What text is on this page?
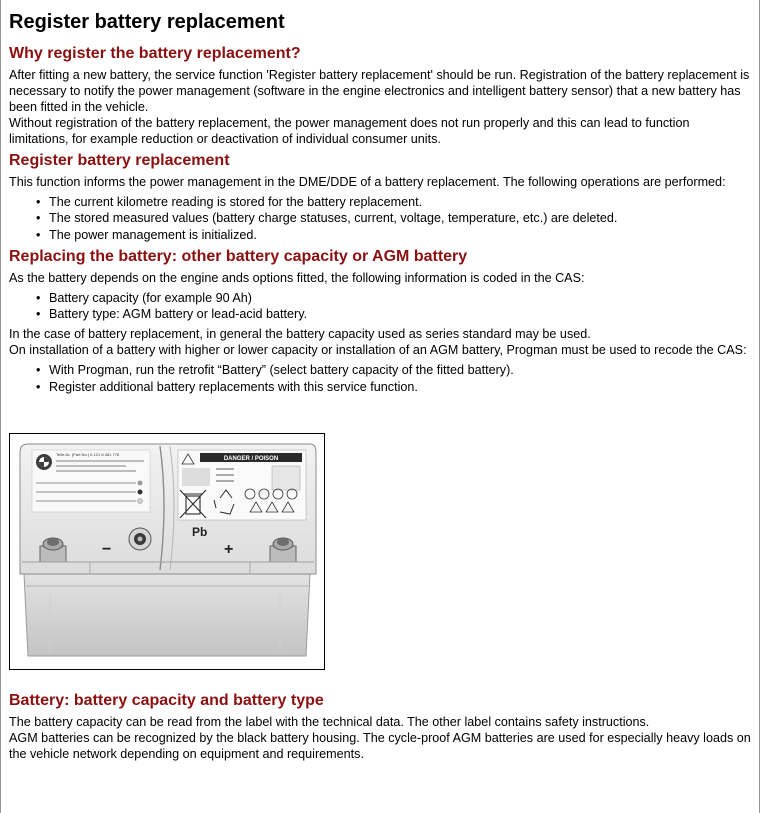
Register battery replacement
Why register the battery replacement?

After fitting a new battery, the service function 'Register battery replacement' should be run. Registration of the battery replacement is necessary to notify the power management (software in the engine electronics and intelligent battery sensor) that a new battery has been fitted in the vehicle.

Without registration of the battery replacement, the power management does not run properly and this can lead to function limitations, for example reduction or deactivation of individual consumer units.

Register battery replacement

This function informs the power management in the DME/DDE of a battery replacement. The following operations are performed:

• The current kilometre reading is stored for the battery replacement.
• The stored measured values (battery charge statuses, current, voltage, temperature, etc.) are deleted.
• The power management is initialized.
Replacing the battery: other battery capacity or AGM battery

As the battery depends on the engine ands options fitted, the following information is coded in the CAS:

• Battery capacity (for example 90 Ah)
• Battery type: AGM battery or lead-acid battery.

In the case of battery replacement, in general the battery capacity used as series standard may be used.

On installation of a battery with higher or lower capacity or installation of an AGM battery, Progman must be used to recode the CAS:

• With Progman, run the retrofit “Battery” (select battery capacity of the fitted battery).
• Register additional battery replacements with this service function.
Teile-Nr. (Part No.) 6 121 8 381 776
DANGER / POISON
Pb
−	+
Battery: battery capacity and battery type

The battery capacity can be read from the label with the technical data. The other label contains safety instructions.

AGM batteries can be recognized by the black battery housing. The cycle-proof AGM batteries are used for especially heavy loads on the vehicle network depending on equipment and requirements.
